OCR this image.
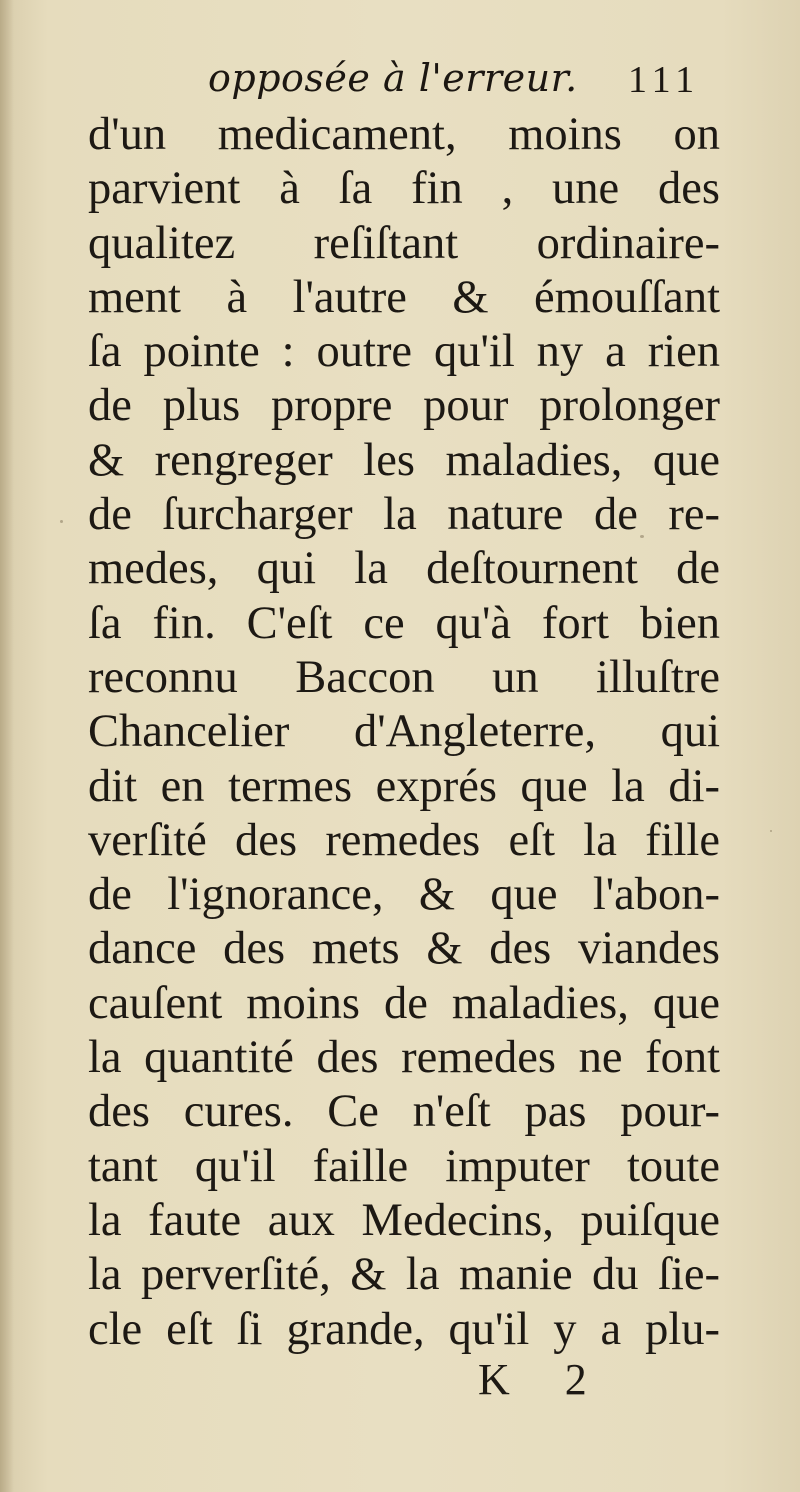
opposée à l'erreur. 111
d'un medicament, moins on
parvient à ſa fin , une des
qualitez reſiſtant ordinaire-
ment à l'autre & émouſſant
ſa pointe : outre qu'il ny a rien
de plus propre pour prolonger
& rengreger les maladies, que
de ſurcharger la nature de re-
medes, qui la deſtournent de
ſa fin. C'eſt ce qu'à fort bien
reconnu Baccon un illuſtre
Chancelier d'Angleterre, qui
dit en termes exprés que la di-
verſité des remedes eſt la fille
de l'ignorance, & que l'abon-
dance des mets & des viandes
cauſent moins de maladies, que
la quantité des remedes ne font
des cures. Ce n'eſt pas pour-
tant qu'il faille imputer toute
la faute aux Medecins, puiſque
la perverſité, & la manie du ſie-
cle eſt ſi grande, qu'il y a plu-
K 2
